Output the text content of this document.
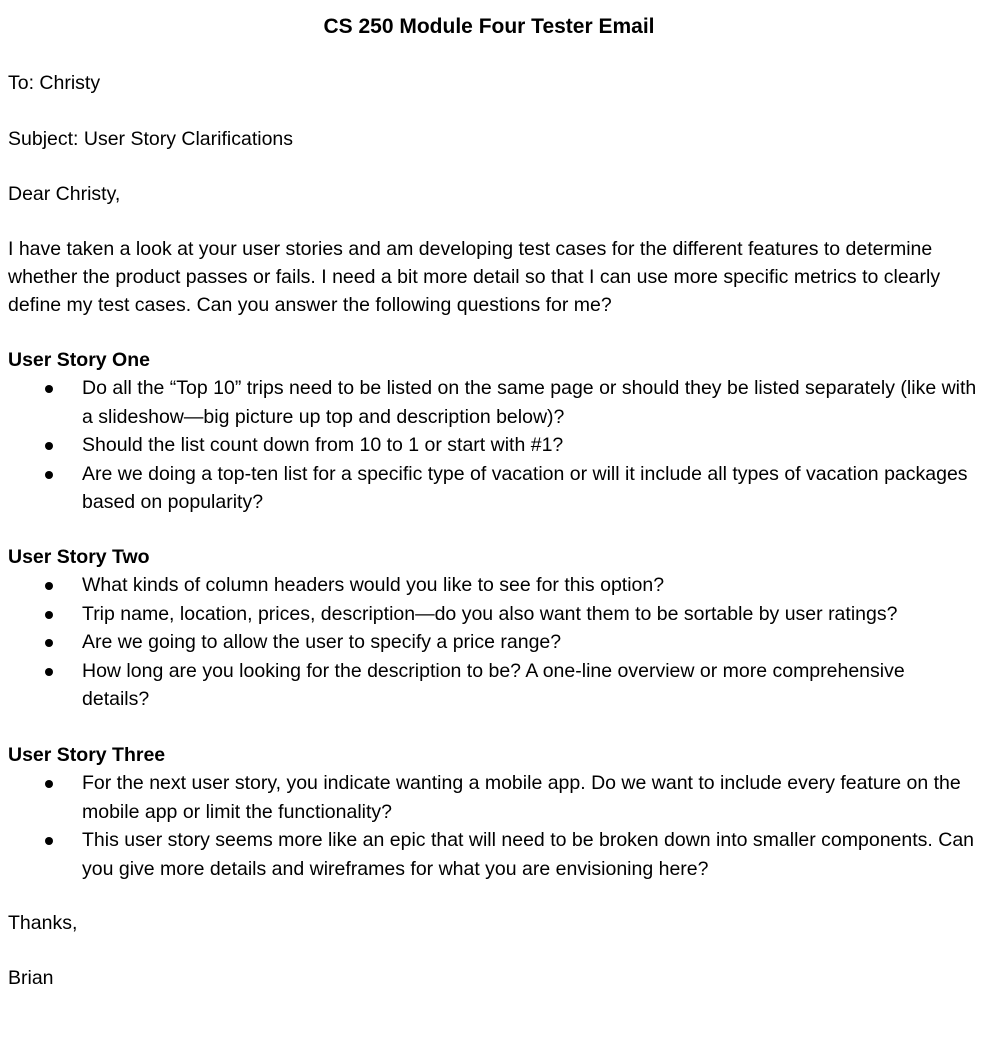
CS 250 Module Four Tester Email
To: Christy
Subject: User Story Clarifications
Dear Christy,
I have taken a look at your user stories and am developing test cases for the different features to determine whether the product passes or fails. I need a bit more detail so that I can use more specific metrics to clearly define my test cases. Can you answer the following questions for me?
User Story One
Do all the “Top 10” trips need to be listed on the same page or should they be listed separately (like with a slideshow—big picture up top and description below)?
Should the list count down from 10 to 1 or start with #1?
Are we doing a top-ten list for a specific type of vacation or will it include all types of vacation packages based on popularity?
User Story Two
What kinds of column headers would you like to see for this option?
Trip name, location, prices, description—do you also want them to be sortable by user ratings?
Are we going to allow the user to specify a price range?
How long are you looking for the description to be? A one-line overview or more comprehensive details?
User Story Three
For the next user story, you indicate wanting a mobile app. Do we want to include every feature on the mobile app or limit the functionality?
This user story seems more like an epic that will need to be broken down into smaller components. Can you give more details and wireframes for what you are envisioning here?
Thanks,
Brian
